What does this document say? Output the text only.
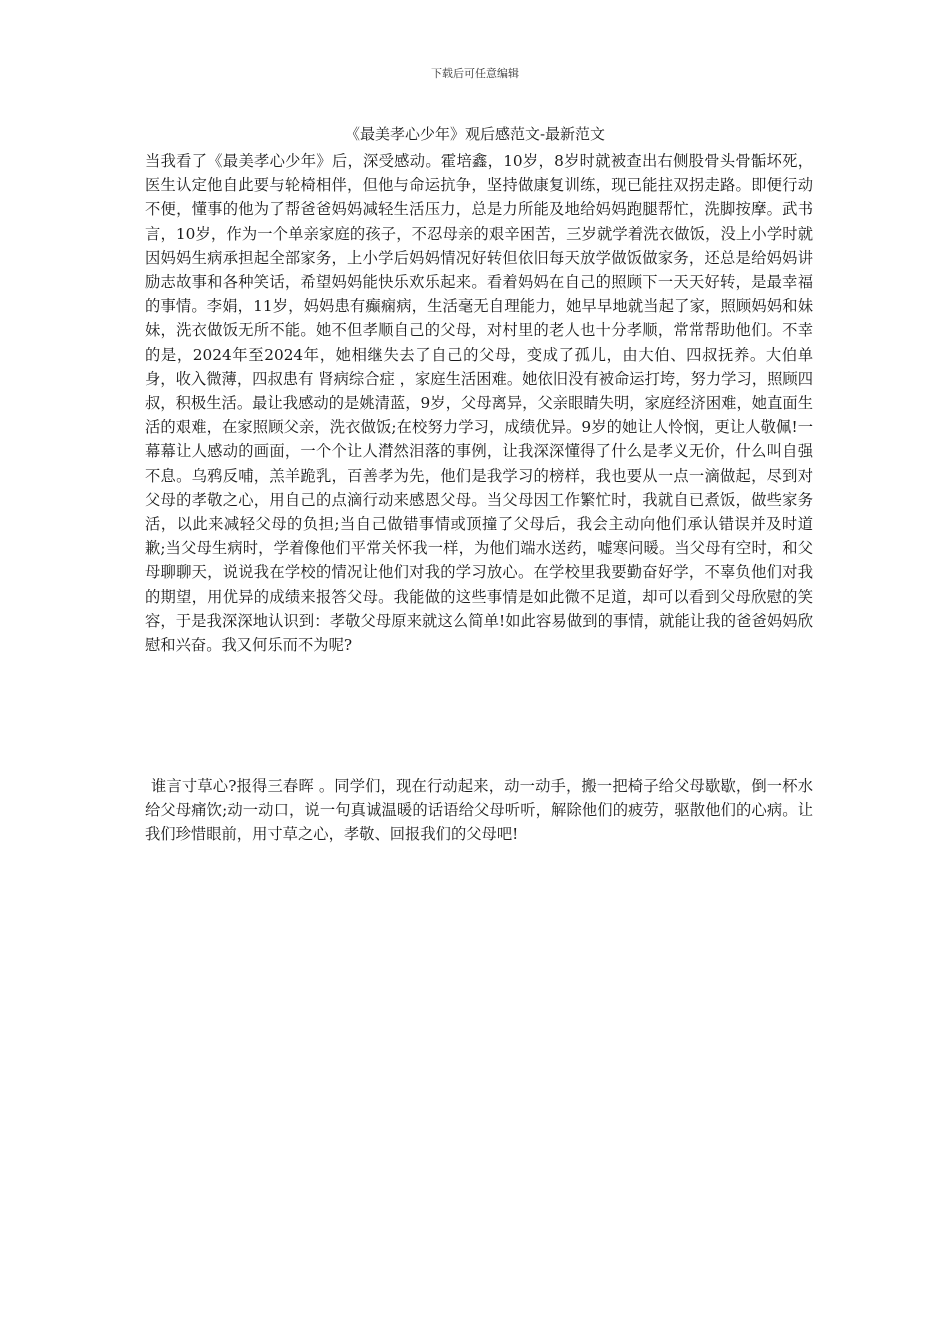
下载后可任意编辑
《最美孝心少年》观后感范文-最新范文

当我看了《最美孝心少年》后，深受感动。霍培鑫，10岁，8岁时就被查出右侧股骨头骨骺坏死，医生认定他自此要与轮椅相伴，但他与命运抗争，坚持做康复训练，现已能拄双拐走路。即便行动不便，懂事的他为了帮爸爸妈妈减轻生活压力，总是力所能及地给妈妈跑腿帮忙，洗脚按摩。武书言，10岁，作为一个单亲家庭的孩子，不忍母亲的艰辛困苦，三岁就学着洗衣做饭，没上小学时就因妈妈生病承担起全部家务，上小学后妈妈情况好转但依旧每天放学做饭做家务，还总是给妈妈讲励志故事和各种笑话，希望妈妈能快乐欢乐起来。看着妈妈在自己的照顾下一天天好转，是最幸福的事情。李娟，11岁，妈妈患有癫痫病，生活毫无自理能力，她早早地就当起了家，照顾妈妈和妹妹，洗衣做饭无所不能。她不但孝顺自己的父母，对村里的老人也十分孝顺，常常帮助他们。不幸的是，2024年至2024年，她相继失去了自己的父母，变成了孤儿，由大伯、四叔抚养。大伯单身，收入微薄，四叔患有 肾病综合症 ，家庭生活困难。她依旧没有被命运打垮，努力学习，照顾四叔，积极生活。最让我感动的是姚清蓝，9岁，父母离异，父亲眼睛失明，家庭经济困难，她直面生活的艰难，在家照顾父亲，洗衣做饭;在校努力学习，成绩优异。9岁的她让人怜悯，更让人敬佩!一幕幕让人感动的画面，一个个让人潸然泪落的事例，让我深深懂得了什么是孝义无价，什么叫自强不息。乌鸦反哺，羔羊跪乳，百善孝为先，他们是我学习的榜样，我也要从一点一滴做起，尽到对父母的孝敬之心，用自己的点滴行动来感恩父母。当父母因工作繁忙时，我就自已煮饭，做些家务活，以此来减轻父母的负担;当自己做错事情或顶撞了父母后，我会主动向他们承认错误并及时道歉;当父母生病时，学着像他们平常关怀我一样，为他们端水送药，嘘寒问暖。当父母有空时，和父母聊聊天，说说我在学校的情况让他们对我的学习放心。在学校里我要勤奋好学，不辜负他们对我的期望，用优异的成绩来报答父母。我能做的这些事情是如此微不足道，却可以看到父母欣慰的笑容，于是我深深地认识到：孝敬父母原来就这么简单!如此容易做到的事情，就能让我的爸爸妈妈欣慰和兴奋。我又何乐而不为呢?

谁言寸草心?报得三春晖 。同学们，现在行动起来，动一动手，搬一把椅子给父母歇歇，倒一杯水给父母痛饮;动一动口，说一句真诚温暖的话语给父母听听，解除他们的疲劳，驱散他们的心病。让我们珍惜眼前，用寸草之心，孝敬、回报我们的父母吧!
